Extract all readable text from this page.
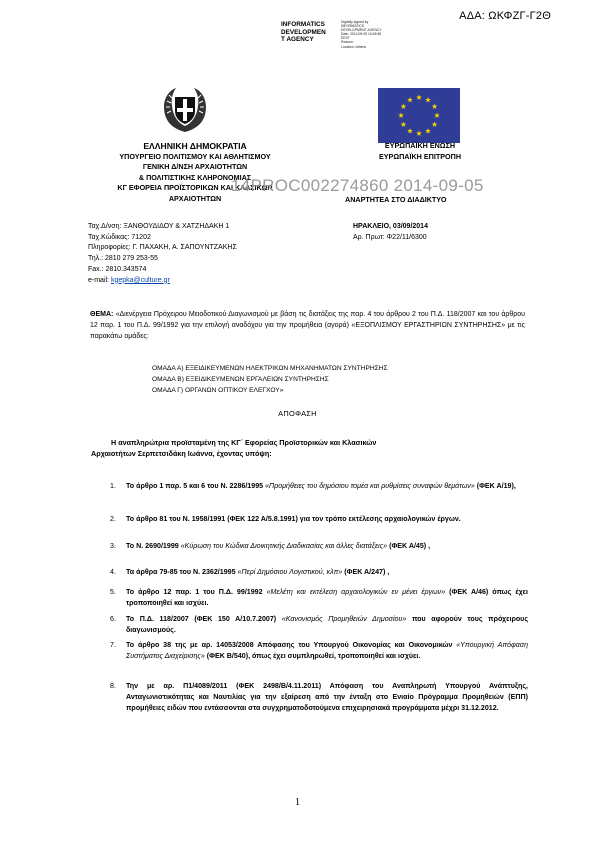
ΑΔΑ: ΩΚΦΖΓ-Γ2Θ
INFORMATICS
DEVELOPMEN
T AGENCY
Digitally signed by
INFORMATICS
DEVELOPMENT AGENCY
Date: 2014.09.05 10:45:56
EEST
Reason:
Location: Athens
ΕΛΛΗΝΙΚΗ ΔΗΜΟΚΡΑΤΙΑ
ΥΠΟΥΡΓΕΙΟ ΠΟΛΙΤΙΣΜΟΥ ΚΑΙ ΑΘΛΗΤΙΣΜΟΥ
ΓΕΝΙΚΗ Δ/ΝΣΗ ΑΡΧΑΙΟΤΗΤΩΝ
& ΠΟΛΙΤΙΣΤΙΚΗΣ ΚΛΗΡΟΝΟΜΙΑΣ
ΚΓ ΕΦΟΡΕΙΑ ΠΡΟΪΣΤΟΡΙΚΩΝ ΚΑΙ ΚΛΑΣΙΚΩΝ
ΑΡΧΑΙΟΤΗΤΩΝ
ΕΥΡΩΠΑΪΚΗ ΕΝΩΣΗ
ΕΥΡΩΠΑΪΚΗ ΕΠΙΤΡΟΠΗ
14PROC002274860 2014-09-05
ΑΝΑΡΤΗΤΕΑ ΣΤΟ ΔΙΑΔΙΚΤΥΟ
Ταχ.Δ/νση: ΞΑΝΘΟΥΔΙΔΟΥ & ΧΑΤΖΗΔΑΚΗ 1
Ταχ.Κώδικας: 71202
Πληροφορίες: Γ. ΠΑΧΑΚΗ, Α. ΣΑΠΟΥΝΤΖΑΚΗΣ
Τηλ.: 2810 279 253-55
Fax.: 2810.343574
e-mail: kgepka@culture.gr
ΗΡΑΚΛΕΙΟ, 03/09/2014
Αρ. Πρωτ: Φ22/11/6300
ΘΕΜΑ: «Διενέργεια Πρόχειρου Μειοδοτικού Διαγωνισμού με βάση τις διατάξεις της παρ. 4 του άρθρου 2 του Π.Δ. 118/2007 και του άρθρου 12 παρ. 1 του Π.Δ. 99/1992 για την επιλογή αναδόχου για την προμήθεια (αγορά) «ΕΞΟΠΛΙΣΜΟΥ ΕΡΓΑΣΤΗΡΙΩΝ ΣΥΝΤΗΡΗΣΗΣ» με τις παρακάτω ομάδες:
ΟΜΑΔΑ Α) ΕΞΕΙΔΙΚΕΥΜΕΝΩΝ ΗΛΕΚΤΡΙΚΩΝ ΜΗΧΑΝΗΜΑΤΩΝ ΣΥΝΤΗΡΗΣΗΣ
ΟΜΑΔΑ Β) ΕΞΕΙΔΙΚΕΥΜΕΝΩΝ ΕΡΓΑΛΕΙΩΝ ΣΥΝΤΗΡΗΣΗΣ
ΟΜΑΔΑ Γ) ΟΡΓΑΝΩΝ ΟΠΤΙΚΟΥ ΕΛΕΓΧΟΥ»
ΑΠΟΦΑΣΗ
Η αναπληρώτρια προϊσταμένη της ΚΓ΄ Εφορείας Προϊστορικών και Κλασικών
Αρχαιοτήτων Σερπετσιδάκη Ιωάννα, έχοντας υπόψη:
1.	Το άρθρο 1 παρ. 5 και 6 του Ν. 2286/1995 «Προμήθειες του δημόσιου τομέα και ρυθμίσεις συναφών θεμάτων» (ΦΕΚ Α/19),
2.	Το άρθρο 81 του Ν. 1958/1991 (ΦΕΚ 122 Α/5.8.1991) για τον τρόπο εκτέλεσης αρχαιολογικών έργων.
3.	Το Ν. 2690/1999 «Κύρωση του Κώδικα Διοικητικής Διαδικασίας και άλλες διατάξεις» (ΦΕΚ Α/45) ,
4.	Τα άρθρα 79-85 του Ν. 2362/1995 «Περί Δημόσιου Λογιστικού, κλπ» (ΦΕΚ Α/247) ,
5.	Το άρθρο 12 παρ. 1 του Π.Δ. 99/1992 «Μελέτη και εκτέλεση αρχαιολογικών εν μένει έργων» (ΦΕΚ Α/46) όπως έχει τροποποιηθεί και ισχύει.
6.	Το Π.Δ. 118/2007 (ΦΕΚ 150 Α/10.7.2007) «Κανονισμός Προμηθειών Δημοσίου» που αφορούν τους πρόχειρους διαγωνισμούς.
7.	Το άρθρο 38 της με αρ. 14053/2008 Απόφασης του Υπουργού Οικονομίας και Οικονομικών «Υπουργική Απόφαση Συστήματος Διαχείρισης» (ΦΕΚ Β/540), όπως έχει συμπληρωθεί, τροποποιηθεί και ισχύει.
8.	Την με αρ. Π1/4089/2011 (ΦΕΚ 2498/Β/4.11.2011) Απόφαση του Αναπληρωτή Υπουργού Ανάπτυξης, Ανταγωνιστικότητας και Ναυτιλίας για την εξαίρεση από την ένταξη στο Ενιαίο Πρόγραμμα Προμηθειών (ΕΠΠ) προμήθειες ειδών που εντάσσονται στα συγχρηματοδοτούμενα επιχειρησιακά προγράμματα μέχρι 31.12.2012.
1
